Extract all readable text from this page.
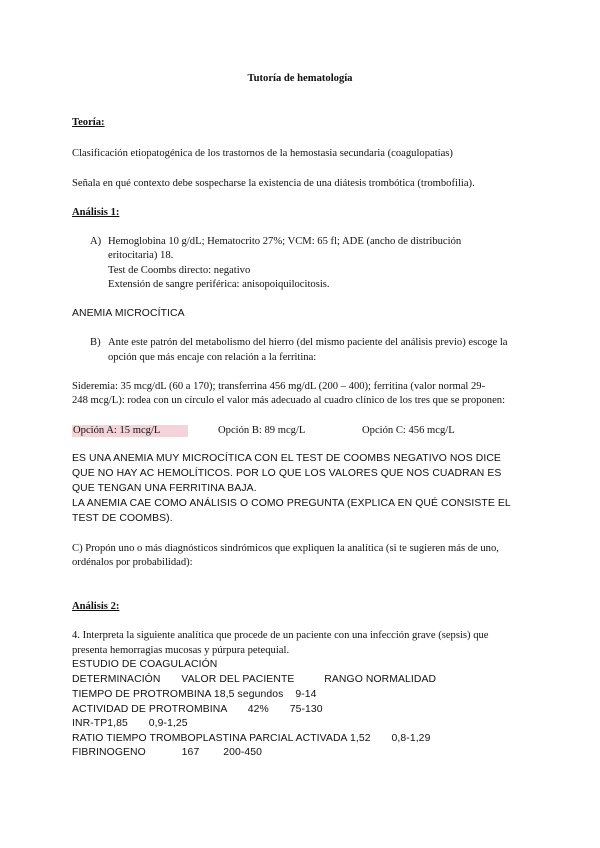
Tutoría de hematología
Teoría:
Clasificación etiopatogénica de los trastornos de la hemostasia secundaria (coagulopatías)
Señala en qué contexto debe sospecharse la existencia de una diátesis trombótica (trombofilia).
Análisis 1:
A) Hemoglobina 10 g/dL; Hematocrito 27%; VCM: 65 fl; ADE (ancho de distribución
eritocitaria) 18.
Test de Coombs directo: negativo
Extensión de sangre periférica: anisopoiquilocitosis.
ANEMIA MICROCÍTICA
B) Ante este patrón del metabolismo del hierro (del mismo paciente del análisis previo) escoge la
opción que más encaje con relación a la ferritina:
Sideremia: 35 mcg/dL (60 a 170); transferrina 456 mg/dL (200 – 400); ferritina (valor normal 29-
248 mcg/L): rodea con un círculo el valor más adecuado al cuadro clínico de los tres que se proponen:
Opción A: 15 mcg/L	Opción B: 89 mcg/L	Opción C: 456 mcg/L
ES UNA ANEMIA MUY MICROCÍTICA CON EL TEST DE COOMBS NEGATIVO NOS DICE
QUE NO HAY AC HEMOLÍTICOS. POR LO QUE LOS VALORES QUE NOS CUADRAN ES
QUE TENGAN UNA FERRITINA BAJA.
LA ANEMIA CAE COMO ANÁLISIS O COMO PREGUNTA (EXPLICA EN QUÉ CONSISTE EL
TEST DE COOMBS).
C) Propón uno o más diagnósticos sindrómicos que expliquen la analítica (si te sugieren más de uno,
ordénalos por probabilidad):
Análisis 2:
4. Interpreta la siguiente analítica que procede de un paciente con una infección grave (sepsis) que
presenta hemorragias mucosas y púrpura petequial.
ESTUDIO DE COAGULACIÓN
DETERMINACIÓN       VALOR DEL PACIENTE          RANGO NORMALIDAD
TIEMPO DE PROTROMBINA 18,5 segundos    9-14
ACTIVIDAD DE PROTROMBINA       42%       75-130
INR-TP1,85       0,9-1,25
RATIO TIEMPO TROMBOPLASTINA PARCIAL ACTIVADA 1,52       0,8-1,29
FIBRINOGENO            167        200-450
